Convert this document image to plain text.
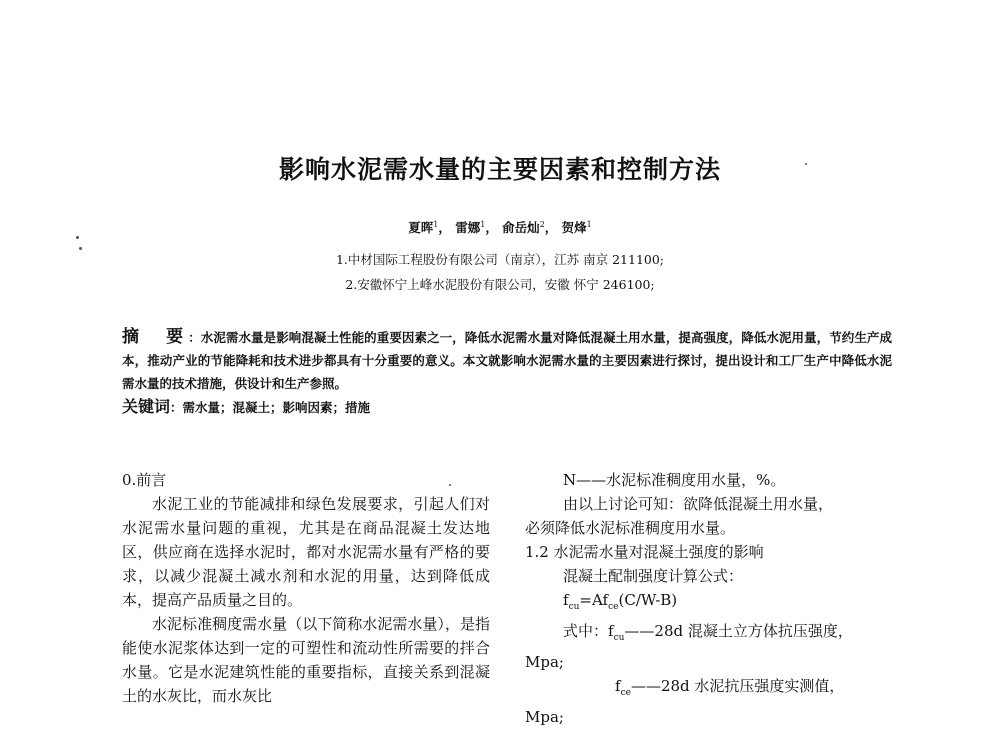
影响水泥需水量的主要因素和控制方法
夏晖$^1$， 雷娜$^1$， 俞岳灿$^2$， 贺烽$^1$
1.中材国际工程股份有限公司（南京），江苏 南京 211100;
2.安徽怀宁上峰水泥股份有限公司，安徽 怀宁 246100;
摘　要：水泥需水量是影响混凝土性能的重要因素之一，降低水泥需水量对降低混凝土用水量，提高强度，降低水泥用量，节约生产成本，推动产业的节能降耗和技术进步都具有十分重要的意义。本文就影响水泥需水量的主要因素进行探讨，提出设计和工厂生产中降低水泥需水量的技术措施，供设计和生产参照。
关键词：需水量；混凝土；影响因素；措施

0.前言

水泥工业的节能减排和绿色发展要求，引起人们对水泥需水量问题的重视，尤其是在商品混凝土发达地区，供应商在选择水泥时，都对水泥需水量有严格的要求，以减少混凝土减水剂和水泥的用量，达到降低成本，提高产品质量之目的。

水泥标准稠度需水量（以下简称水泥需水量），是指能使水泥浆体达到一定的可塑性和流动性所需要的拌合水量。它是水泥建筑性能的重要指标，直接关系到混凝土的水灰比，而水灰比

N——水泥标准稠度用水量，%。

由以上讨论可知：欲降低混凝土用水量，

必须降低水泥标准稠度用水量。

1.2 水泥需水量对混凝土强度的影响

混凝土配制强度计算公式：

$f_{cu}=Af_{ce}(C/W-B)$

式中：$f_{cu}——28d$ 混凝土立方体抗压强度，

Mpa;

$f_{ce}——28d$ 水泥抗压强度实测值，

Mpa;
